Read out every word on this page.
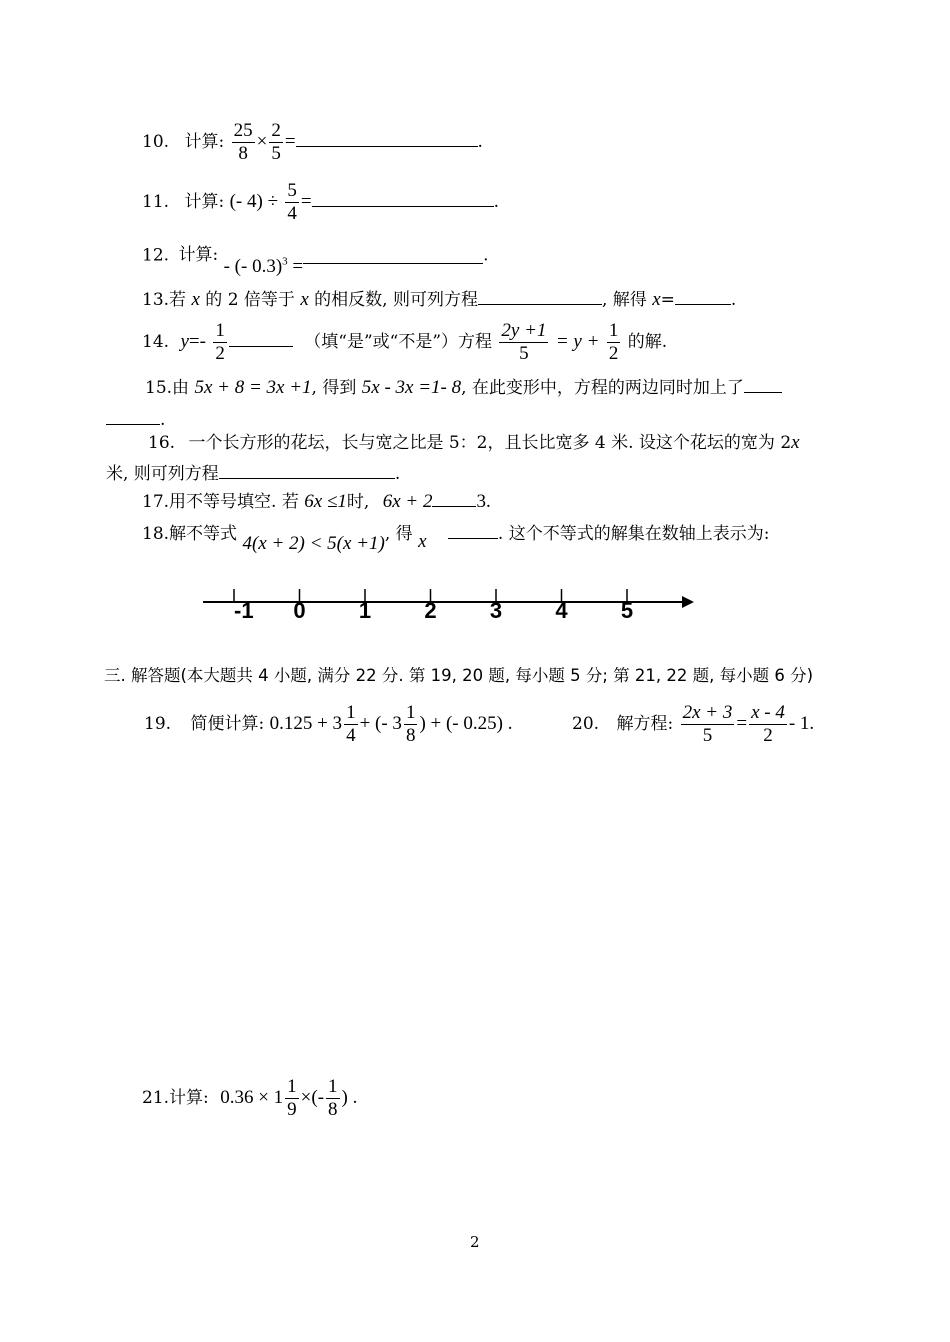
10. 计算: $\frac{25}{8} \times \frac{2}{5}$ =	.
11. 计算: (- $4) \div \frac{5}{4}$ =	.
12. 计算: - (- 0.3)$^3$ =.
13.若 x 的 2 倍等于 x 的相反数, 则可列方程	, 解得 x=	.
14. $y=- \frac{1}{2}$	（填“是”或“不是”）方程 $\frac{2y +1}{5} = y + \frac{1}{2}$ 的解.
15.由 5x + 8 = 3x +1, 得到 5x - 3x =1- 8, 在此变形中，方程的两边同时加上了
.
16. 一个长方形的花坛，长与宽之比是 5：2，且长比宽多 4 米. 设这个花坛的宽为 2x
米, 则可列方程	.
17.用不等号填空. 若 6x ≤1时, 6x + 2 3.
18.解不等式 4(x + 2) < 5(x +1), 得 x	. 这个不等式的解集在数轴上表示为:
-1 0 1 2 3 4 5
三. 解答题(本大题共 4 小题, 满分 22 分. 第 19, 20 题, 每小题 5 分; 第 21, 22 题, 每小题 6 分)
19. 简便计算: $0.125 + 3 \frac{1}{4}$ + (- $3 \frac{1}{8}$ ) + (- 0.25) .	20. 解方程: $\frac{2x + 3}{5} = \frac{x - 4}{2} - 1$.
21.计算: $0.36 \times 1 \frac{1}{9}$ ×(- $\frac{1}{8}$ ) .
2
